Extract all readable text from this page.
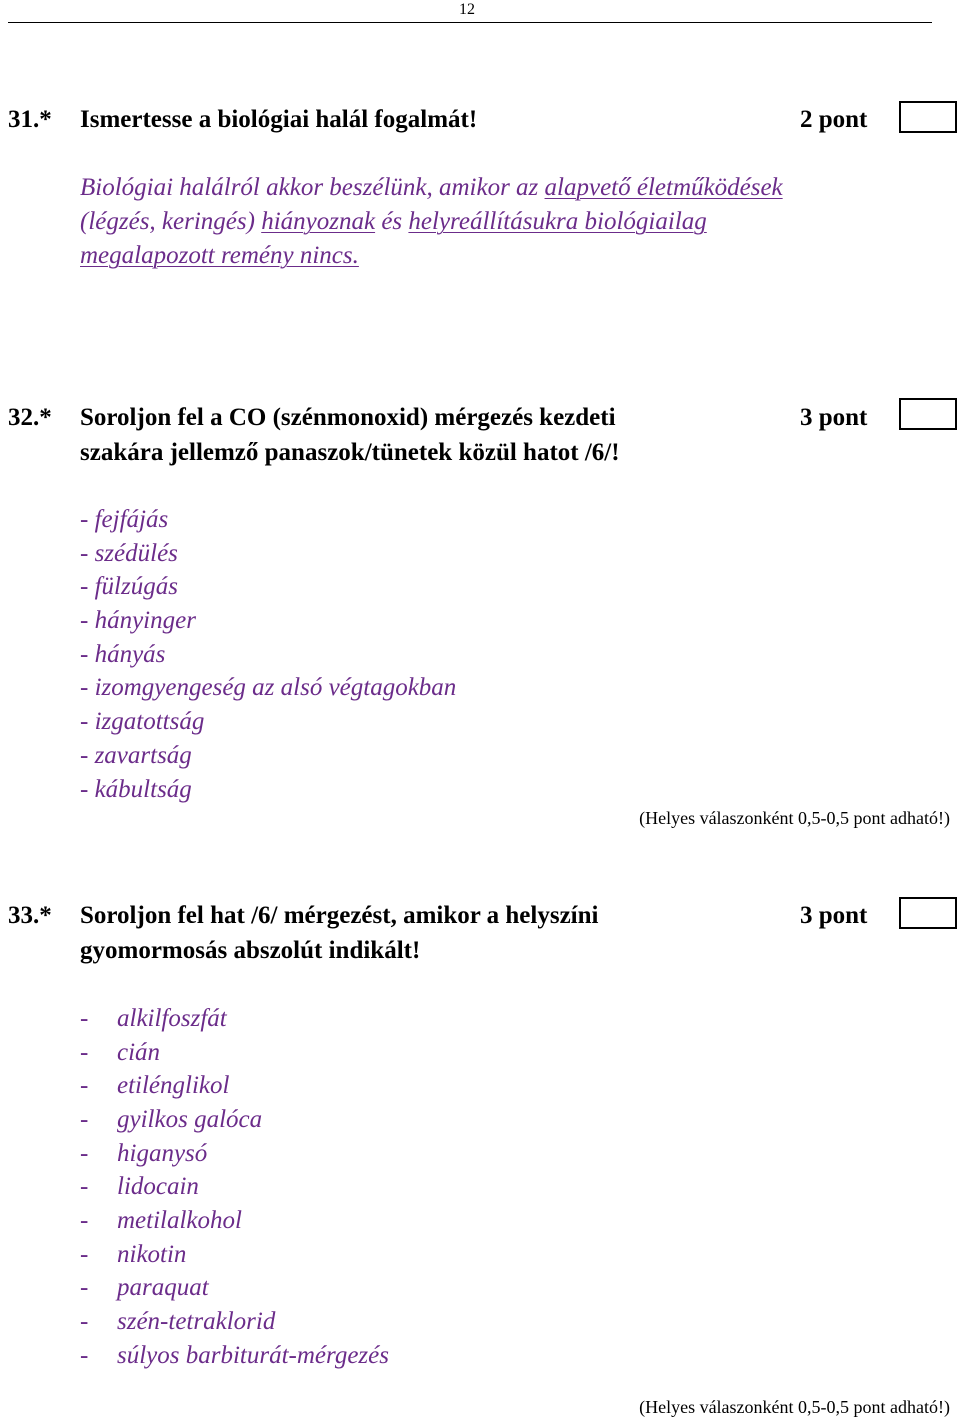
12
31.* Ismertesse a biológiai halál fogalmát!	2 pont
Biológiai halálról akkor beszélünk, amikor az alapvető életműködések
(légzés, keringés) hiányoznak és helyreállításukra biológiailag
megalapozott remény nincs.
32.* Soroljon fel a CO (szénmonoxid) mérgezés kezdeti
szakára jellemző panaszok/tünetek közül hatot /6/!
3 pont
- fejfájás
- szédülés
- fülzúgás
- hányinger
- hányás
- izomgyengeség az alsó végtagokban
- izgatottság
- zavartság
- kábultság
(Helyes válaszonként 0,5-0,5 pont adható!)
33.* Soroljon fel hat /6/ mérgezést, amikor a helyszíni
gyomormosás abszolút indikált!
3 pont
- alkilfoszfát
- cián
- etilénglikol
- gyilkos galóca
- higanysó
- lidocain
- metilalkohol
- nikotin
- paraquat
- szén-tetraklorid
- súlyos barbiturát-mérgezés
(Helyes válaszonként 0,5-0,5 pont adható!)
